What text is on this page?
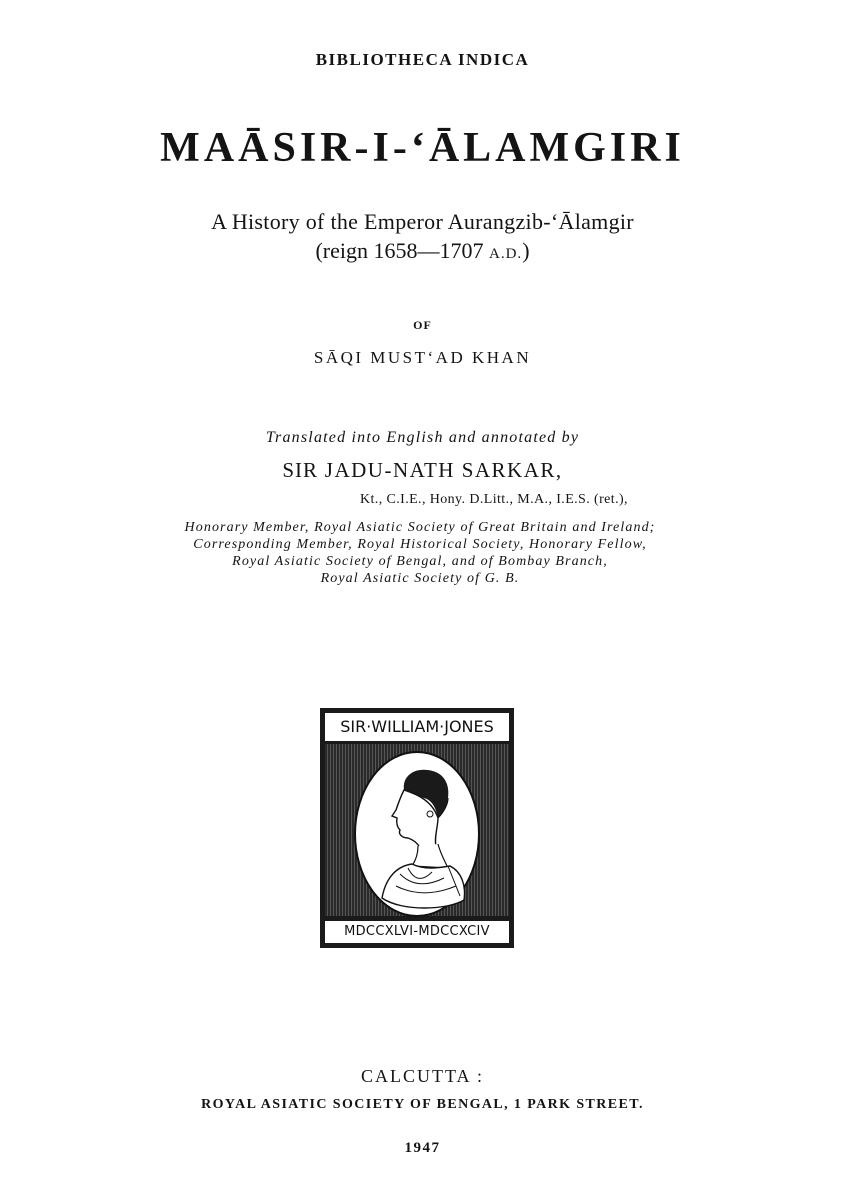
BIBLIOTHECA INDICA
MAĀSIR-I-‘ĀLAMGIRI
A History of the Emperor Aurangzib-‘Ālamgir
(reign 1658—1707 A.D.)
OF
SĀQI MUST‘AD KHAN
Translated into English and annotated by
SIR JADU-NATH SARKAR,
Kt., C.I.E., Hony. D.Litt., M.A., I.E.S. (ret.),
Honorary Member, Royal Asiatic Society of Great Britain and Ireland;
Corresponding Member, Royal Historical Society, Honorary Fellow,
Royal Asiatic Society of Bengal, and of Bombay Branch,
Royal Asiatic Society of G. B.
SIR·WILLIAM·JONES
MDCCXLVI-MDCCXCIV
CALCUTTA :
ROYAL ASIATIC SOCIETY OF BENGAL, 1 PARK STREET.
1947
